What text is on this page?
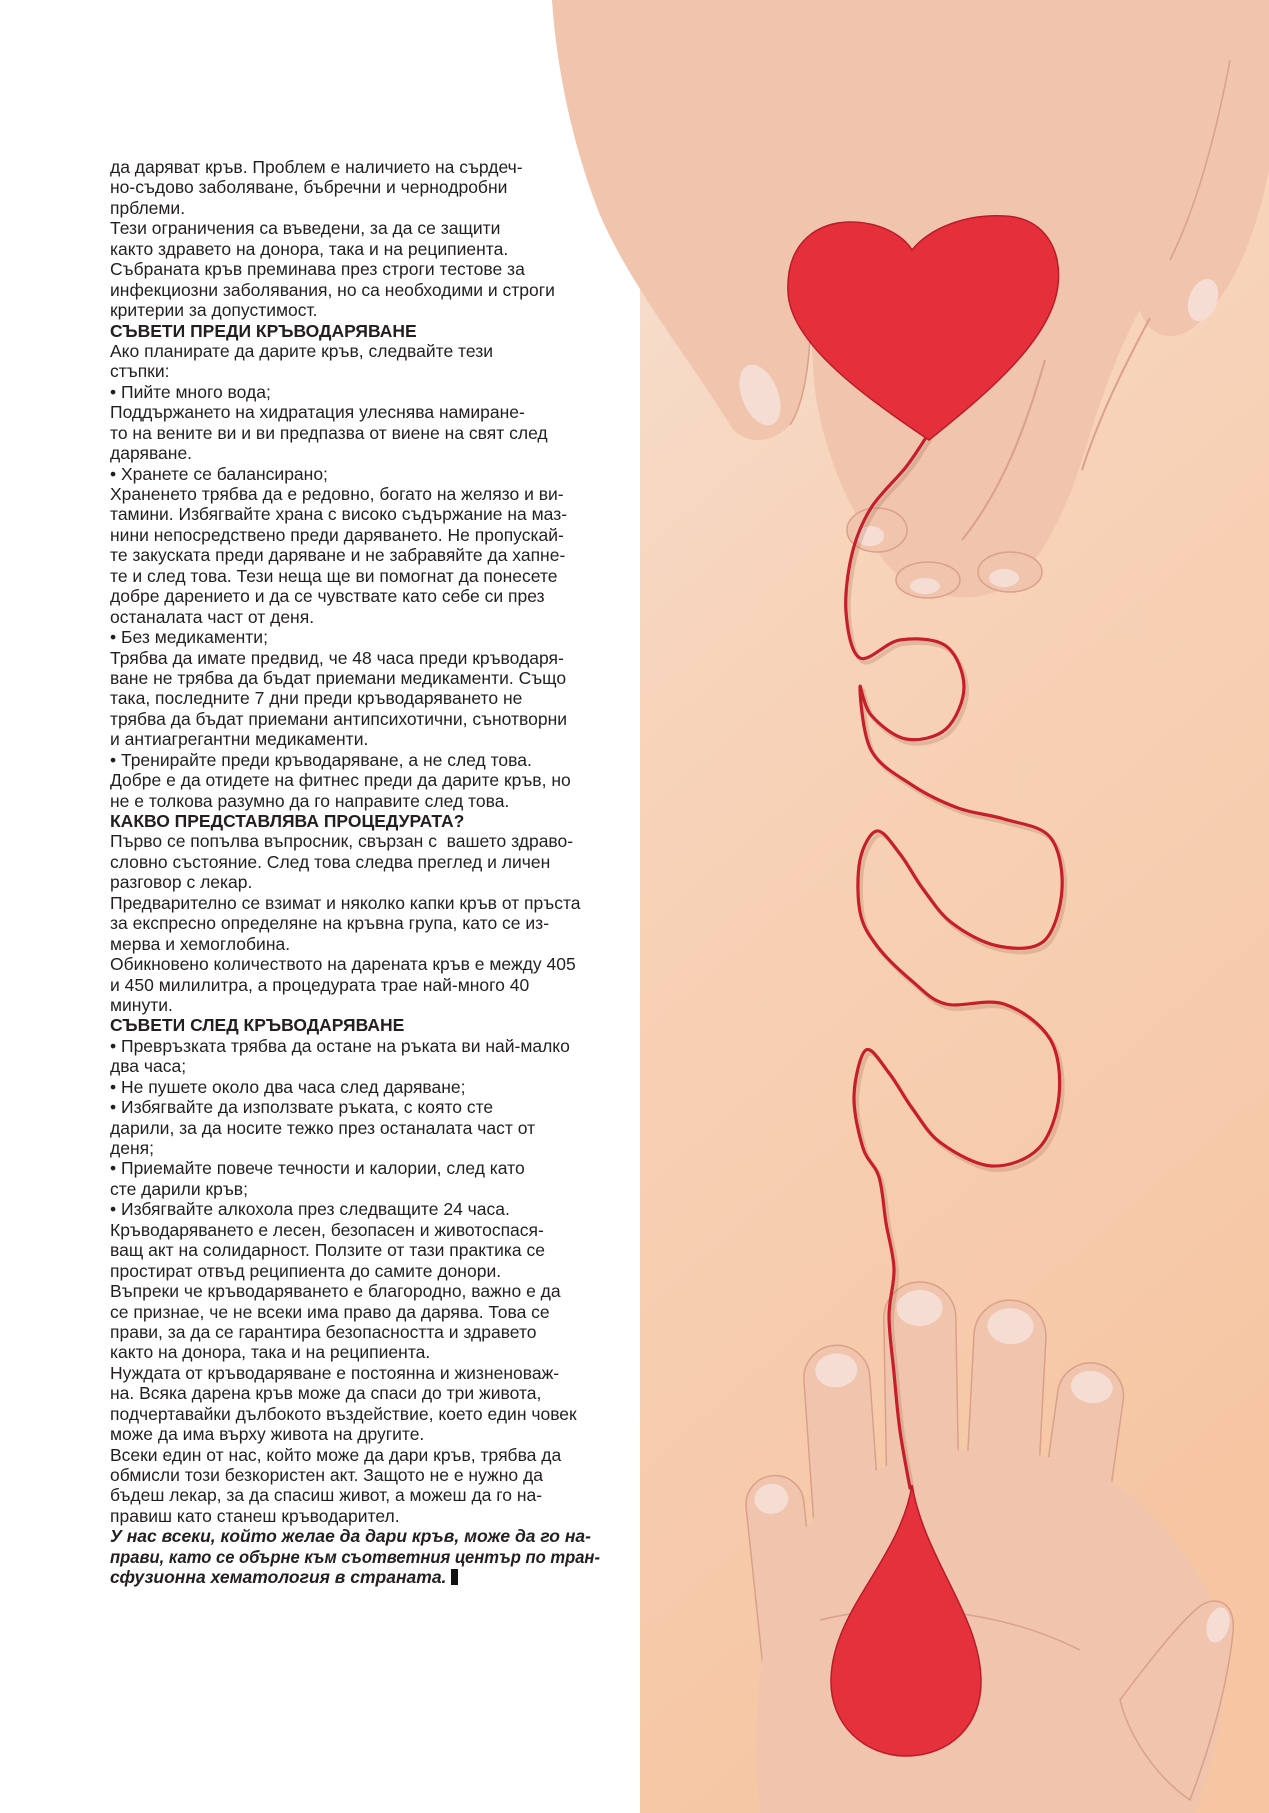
да даряват кръв. Проблем е наличието на сърдеч-
но-съдово заболяване, бъбречни и чернодробни
прблеми.
Тези ограничения са въведени, за да се защити
както здравето на донора, така и на реципиента.
Събраната кръв преминава през строги тестове за
инфекциозни заболявания, но са необходими и строги
критерии за допустимост.
СЪВЕТИ ПРЕДИ КРЪВОДАРЯВАНЕ
Ако планирате да дарите кръв, следвайте тези
стъпки:
• Пийте много вода;
Поддържането на хидратация улеснява намиране-
то на вените ви и ви предпазва от виене на свят след
даряване.
• Хранете се балансирано;
Храненето трябва да е редовно, богато на желязо и ви-
тамини. Избягвайте храна с високо съдържание на маз-
нини непосредствено преди даряването. Не пропускай-
те закуската преди даряване и не забравяйте да хапне-
те и след това. Тези неща ще ви помогнат да понесете
добре дарението и да се чувствате като себе си през
останалата част от деня.
• Без медикаменти;
Трябва да имате предвид, че 48 часа преди кръводаря-
ване не трябва да бъдат приемани медикаменти. Също
така, последните 7 дни преди кръводаряването не
трябва да бъдат приемани антипсихотични, сънотворни
и антиагрегантни медикаменти.
• Тренирайте преди кръводаряване, а не след това.
Добре е да отидете на фитнес преди да дарите кръв, но
не е толкова разумно да го направите след това.
КАКВО ПРЕДСТАВЛЯВА ПРОЦЕДУРАТА?
Първо се попълва въпросник, свързан с  вашето здраво-
словно състояние. След това следва преглед и личен
разговор с лекар.
Предварително се взимат и няколко капки кръв от пръста
за експресно определяне на кръвна група, като се из-
мерва и хемоглобина.
Обикновено количеството на дарената кръв е между 405
и 450 милилитра, а процедурата трае най-много 40
минути.
СЪВЕТИ СЛЕД КРЪВОДАРЯВАНЕ
• Превръзката трябва да остане на ръката ви най-малко
два часа;
• Не пушете около два часа след даряване;
• Избягвайте да използвате ръката, с която сте
дарили, за да носите тежко през останалата част от
деня;
• Приемайте повече течности и калории, след като
сте дарили кръв;
• Избягвайте алкохола през следващите 24 часа.
Кръводаряването е лесен, безопасен и животоспася-
ващ акт на солидарност. Ползите от тази практика се
простират отвъд реципиента до самите донори.
Въпреки че кръводаряването е благородно, важно е да
се признае, че не всеки има право да дарява. Това се
прави, за да се гарантира безопасността и здравето
както на донора, така и на реципиента.
Нуждата от кръводаряване е постоянна и жизненоваж-
на. Всяка дарена кръв може да спаси до три живота,
подчертавайки дълбокото въздействие, което един човек
може да има върху живота на другите.
Всеки един от нас, който може да дари кръв, трябва да
обмисли този безкористен акт. Защото не е нужно да
бъдеш лекар, за да спасиш живот, а можеш да го на-
правиш като станеш кръводарител.
У нас всеки, който желае да дари кръв, може да го на-
прави, като се обърне към съответния център по тран-
сфузионна хематология в страната.
